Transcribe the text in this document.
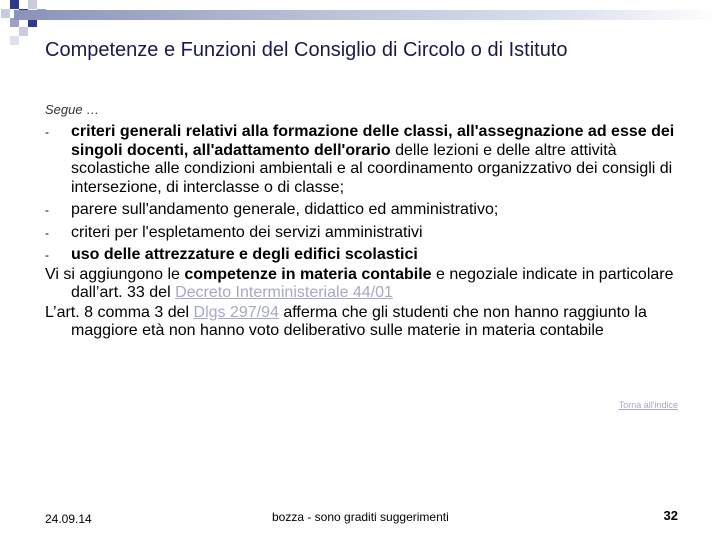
Competenze e Funzioni del Consiglio di Circolo o di Istituto
Segue …
- criteri generali relativi alla formazione delle classi, all'assegnazione ad esse dei singoli docenti, all'adattamento dell'orario delle lezioni e delle altre attività scolastiche alle condizioni ambientali e al coordinamento organizzativo dei consigli di intersezione, di interclasse o di classe;
- parere sull'andamento generale, didattico ed amministrativo;
- criteri per l'espletamento dei servizi amministrativi
- uso delle attrezzature e degli edifici scolastici
Vi si aggiungono le competenze in materia contabile e negoziale indicate in particolare dall’art. 33 del Decreto Interministeriale 44/01
L’art. 8 comma 3 del Dlgs 297/94 afferma che gli studenti che non hanno raggiunto la maggiore età non hanno voto deliberativo sulle materie in materia contabile
Torna all'indice
24.09.14	bozza - sono graditi suggerimenti	32
